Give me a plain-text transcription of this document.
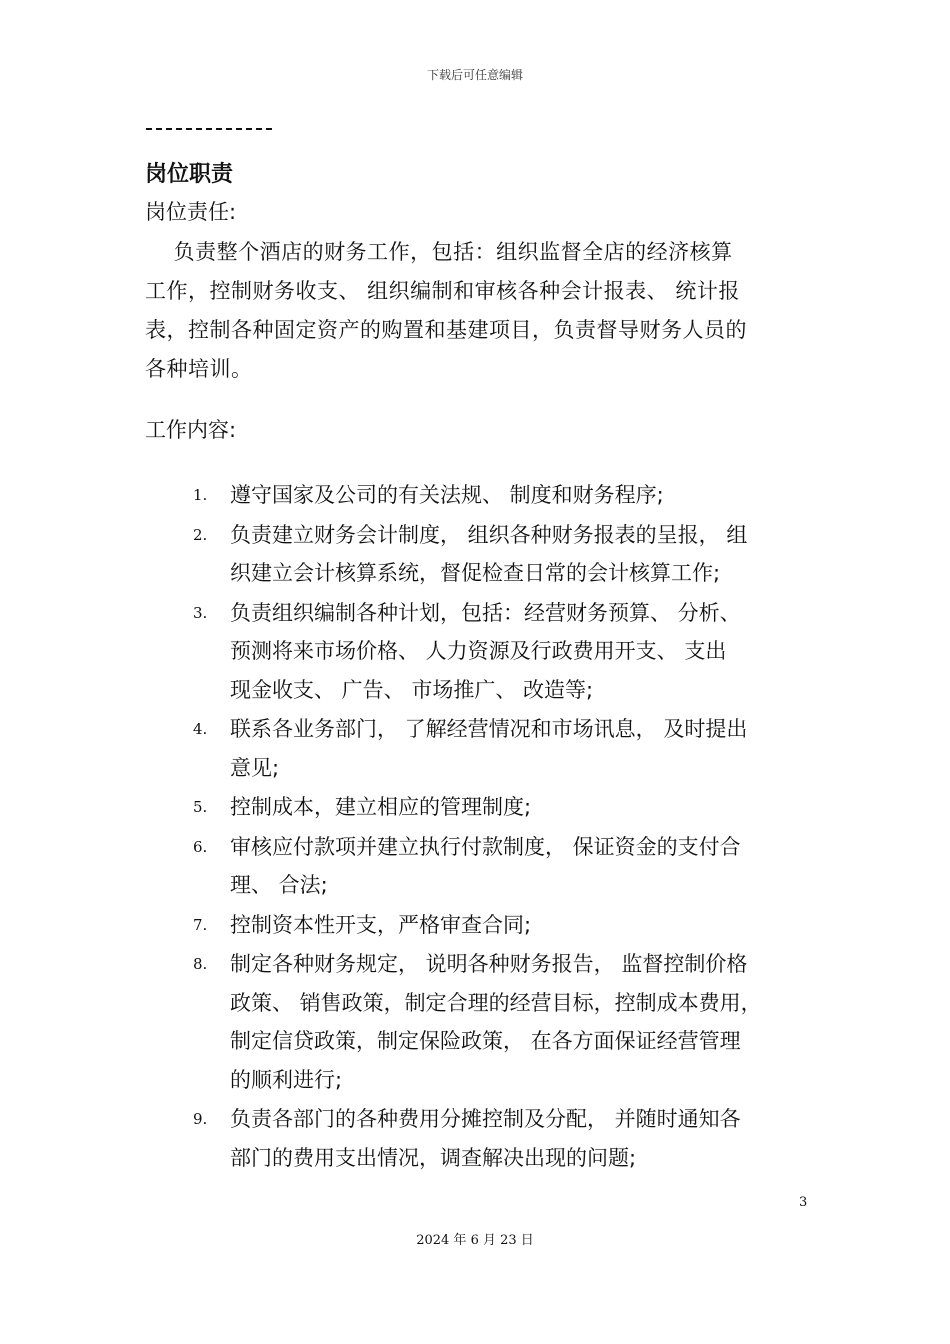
下载后可任意编辑
岗位职责
岗位责任:
　 负责整个酒店的财务工作，包括：组织监督全店的经济核算
工作，控制财务收支、 组织编制和审核各种会计报表、 统计报
表，控制各种固定资产的购置和基建项目，负责督导财务人员的
各种培训。
工作内容:
1. 遵守国家及公司的有关法规、 制度和财务程序;
2. 负责建立财务会计制度， 组织各种财务报表的呈报， 组
织建立会计核算系统，督促检查日常的会计核算工作;
3. 负责组织编制各种计划，包括：经营财务预算、 分析、
预测将来市场价格、 人力资源及行政费用开支、 支出
现金收支、 广告、 市场推广、 改造等;
4. 联系各业务部门， 了解经营情况和市场讯息， 及时提出
意见;
5. 控制成本，建立相应的管理制度;
6. 审核应付款项并建立执行付款制度， 保证资金的支付合
理、 合法;
7. 控制资本性开支，严格审查合同;
8. 制定各种财务规定， 说明各种财务报告， 监督控制价格
政策、 销售政策，制定合理的经营目标，控制成本费用，
制定信贷政策，制定保险政策， 在各方面保证经营管理
的顺利进行;
9. 负责各部门的各种费用分摊控制及分配， 并随时通知各
部门的费用支出情况，调查解决出现的问题;
3
2024 年 6 月 23 日
